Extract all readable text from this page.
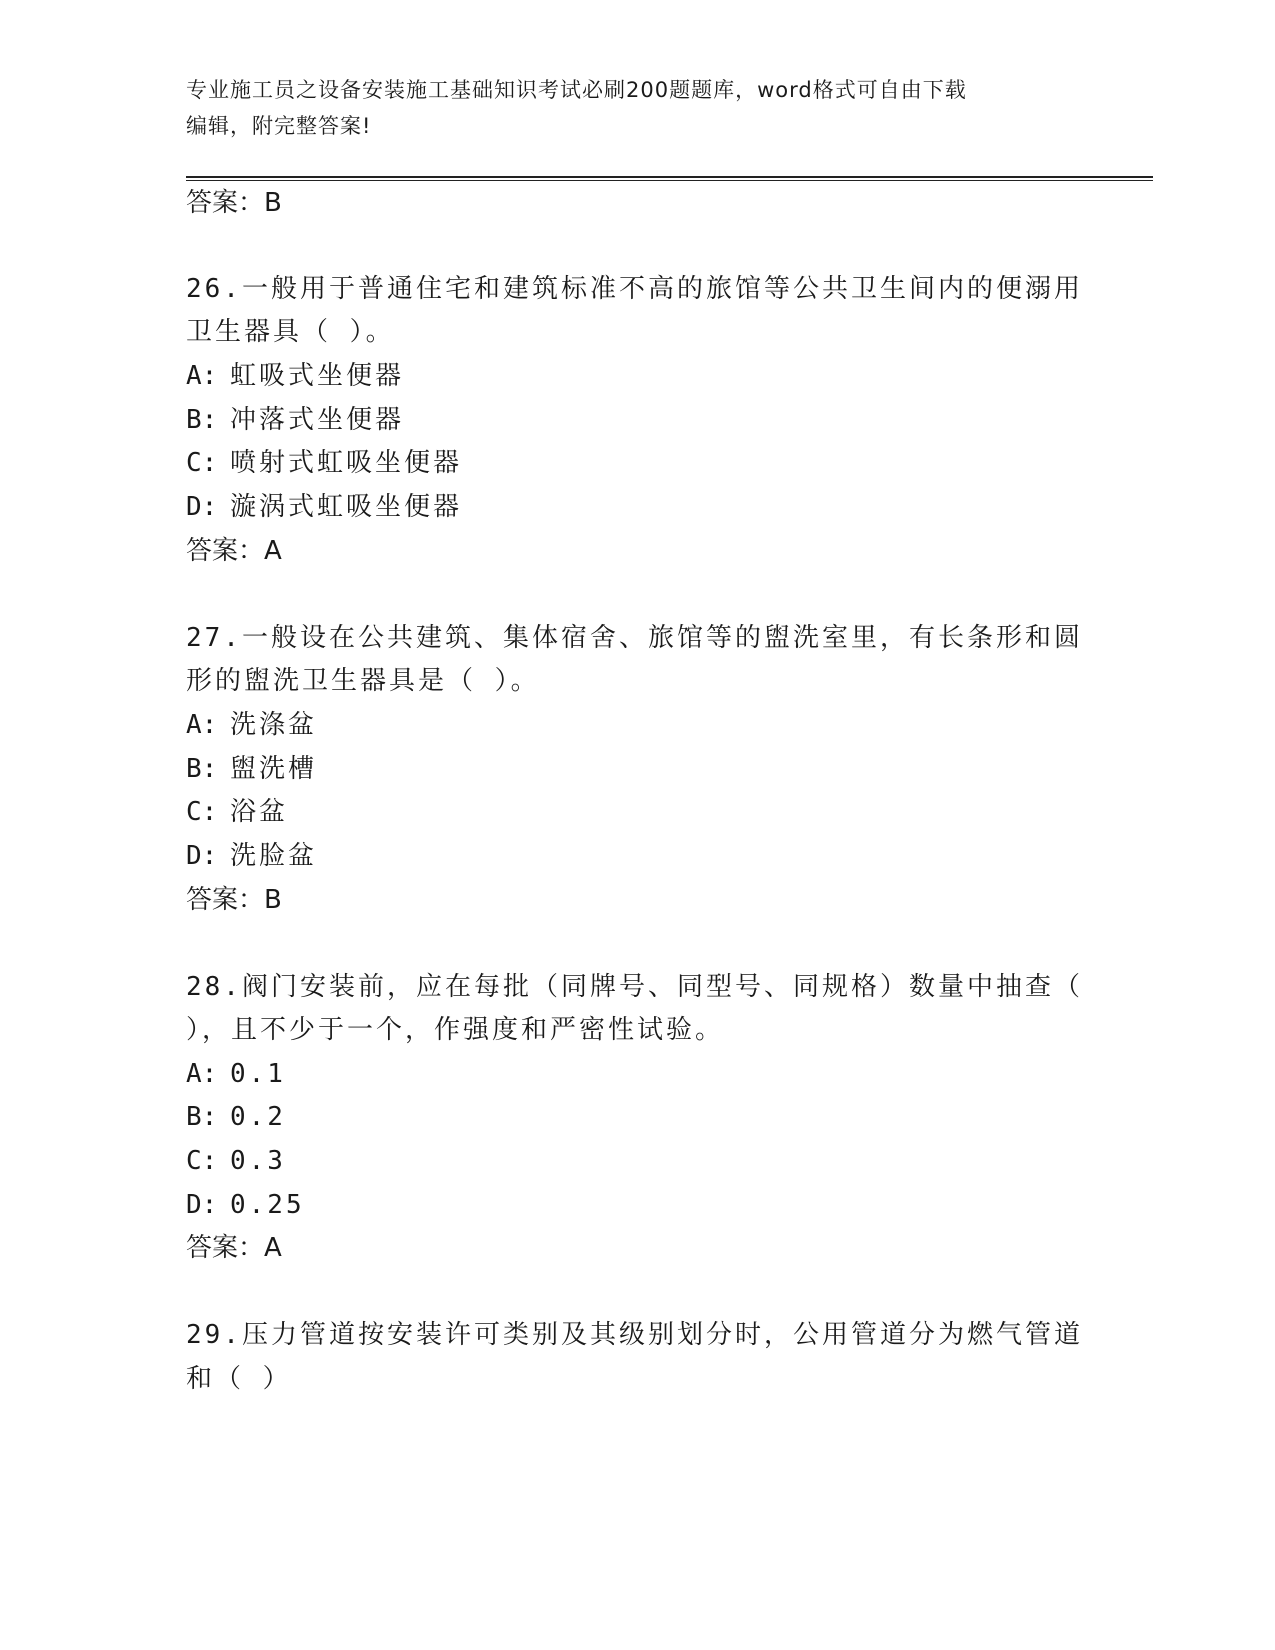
专业施工员之设备安装施工基础知识考试必刷200题题库，word格式可自由下载
编辑，附完整答案!
答案：B
26.一般用于普通住宅和建筑标准不高的旅馆等公共卫生间内的便溺用
卫生器具（ ）。
A: 虹吸式坐便器
B: 冲落式坐便器
C: 喷射式虹吸坐便器
D: 漩涡式虹吸坐便器
答案：A
27.一般设在公共建筑、集体宿舍、旅馆等的盥洗室里，有长条形和圆
形的盥洗卫生器具是（ ）。
A: 洗涤盆
B: 盥洗槽
C: 浴盆
D: 洗脸盆
答案：B
28.阀门安装前，应在每批（同牌号、同型号、同规格）数量中抽查（
），且不少于一个，作强度和严密性试验。
A: 0.1
B: 0.2
C: 0.3
D: 0.25
答案：A
29.压力管道按安装许可类别及其级别划分时，公用管道分为燃气管道
和（ ）
